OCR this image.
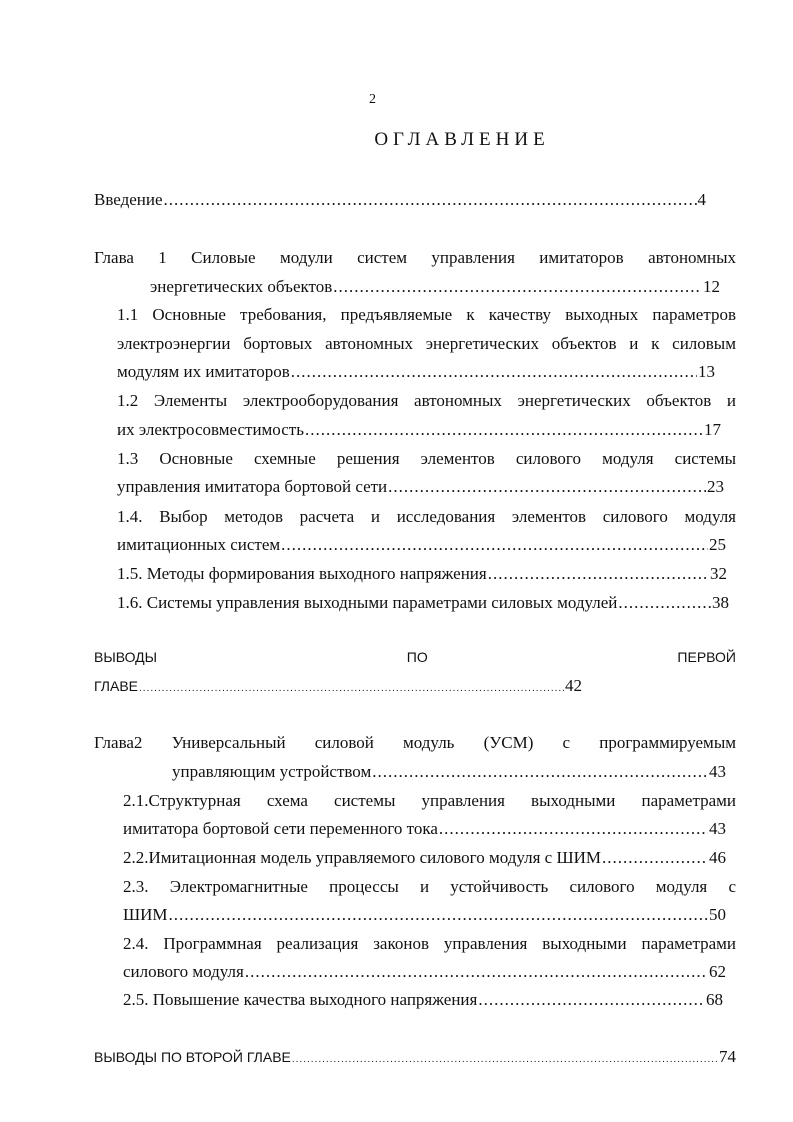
2
ОГЛАВЛЕНИЕ
Введение .....	4
Глава 1 Силовые модули систем управления имитаторов автономных
энергетических объектов .....	12
1.1 Основные требования, предъявляемые к качеству выходных параметров
электроэнергии бортовых автономных энергетических объектов и к силовым
модулям их имитаторов .....	13
1.2 Элементы электрооборудования автономных энергетических объектов и
их электросовместимость .....	17
1.3 Основные схемные решения элементов силового модуля системы
управления имитатора бортовой сети .....	23
1.4. Выбор методов расчета и исследования элементов силового модуля
имитационных систем .....	25
1.5. Методы формирования выходного напряжения .....	32
1.6. Системы управления выходными параметрами силовых модулей .....	38
ВЫВОДЫ ПО ПЕРВОЙ
ГЛАВЕ .....	42
Глава2 Универсальный силовой модуль (УСМ) с программируемым
управляющим устройством .....	43
2.1.Структурная схема системы управления выходными параметрами
имитатора бортовой сети переменного тока .....	43
2.2.Имитационная модель управляемого силового модуля с ШИМ .....	46
2.3. Электромагнитные процессы и устойчивость силового модуля с
ШИМ .....	50
2.4. Программная реализация законов управления выходными параметрами
силового модуля .....	62
2.5. Повышение качества выходного напряжения .....	68
ВЫВОДЫ ПО ВТОРОЙ ГЛАВЕ .....	74
